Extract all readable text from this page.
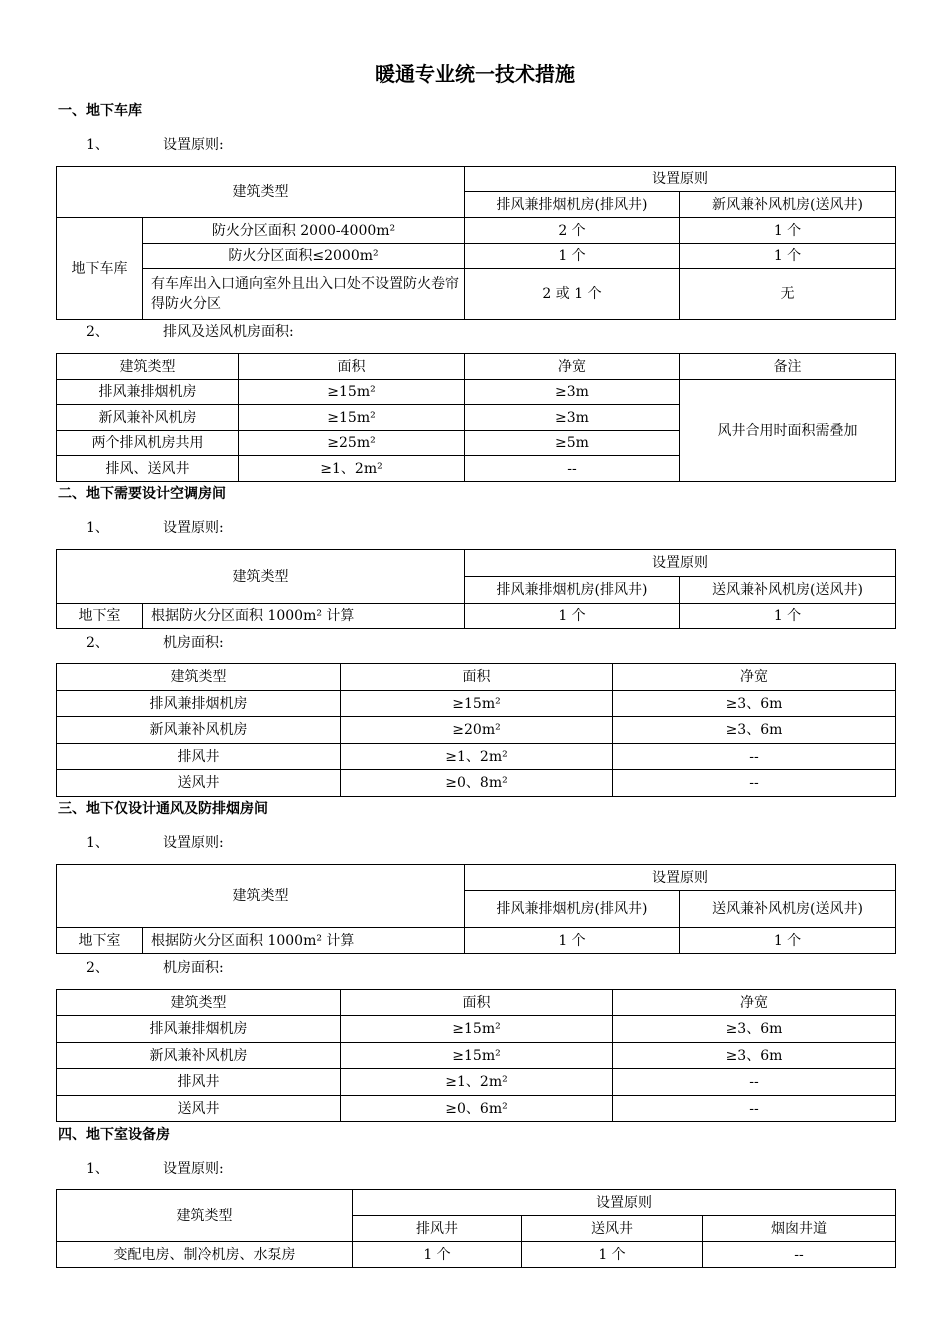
暖通专业统一技术措施
一、地下车库
1、	设置原则:
建筑类型		设置原则	
		排风兼排烟机房(排风井)	新风兼补风机房(送风井)
地下车库	防火分区面积 2000-4000m²	2 个	1 个
	防火分区面积≤2000m²	1 个	1 个
	有车库出入口通向室外且出入口处不设置防火卷帘得防火分区	2 或 1 个	无
2、	排风及送风机房面积:
建筑类型	面积	净宽	备注
排风兼排烟机房	≥15m²	≥3m	风井合用时面积需叠加
新风兼补风机房	≥15m²	≥3m	
两个排风机房共用	≥25m²	≥5m	
排风、送风井	≥1、2m²	--	
二、地下需要设计空调房间
1、	设置原则:
建筑类型		设置原则	
		排风兼排烟机房(排风井)	送风兼补风机房(送风井)
地下室	根据防火分区面积 1000m² 计算	1 个	1 个
2、	机房面积:
建筑类型	面积	净宽
排风兼排烟机房	≥15m²	≥3、6m
新风兼补风机房	≥20m²	≥3、6m
排风井	≥1、2m²	--
送风井	≥0、8m²	--
三、地下仅设计通风及防排烟房间
1、	设置原则:
建筑类型		设置原则	
		排风兼排烟机房(排风井)	送风兼补风机房(送风井)
地下室	根据防火分区面积 1000m² 计算	1 个	1 个
2、	机房面积:
建筑类型	面积	净宽
排风兼排烟机房	≥15m²	≥3、6m
新风兼补风机房	≥15m²	≥3、6m
排风井	≥1、2m²	--
送风井	≥0、6m²	--
四、地下室设备房
1、	设置原则:
建筑类型	设置原则		
	排风井	送风井	烟囱井道
变配电房、制冷机房、水泵房	1 个	1 个	--
